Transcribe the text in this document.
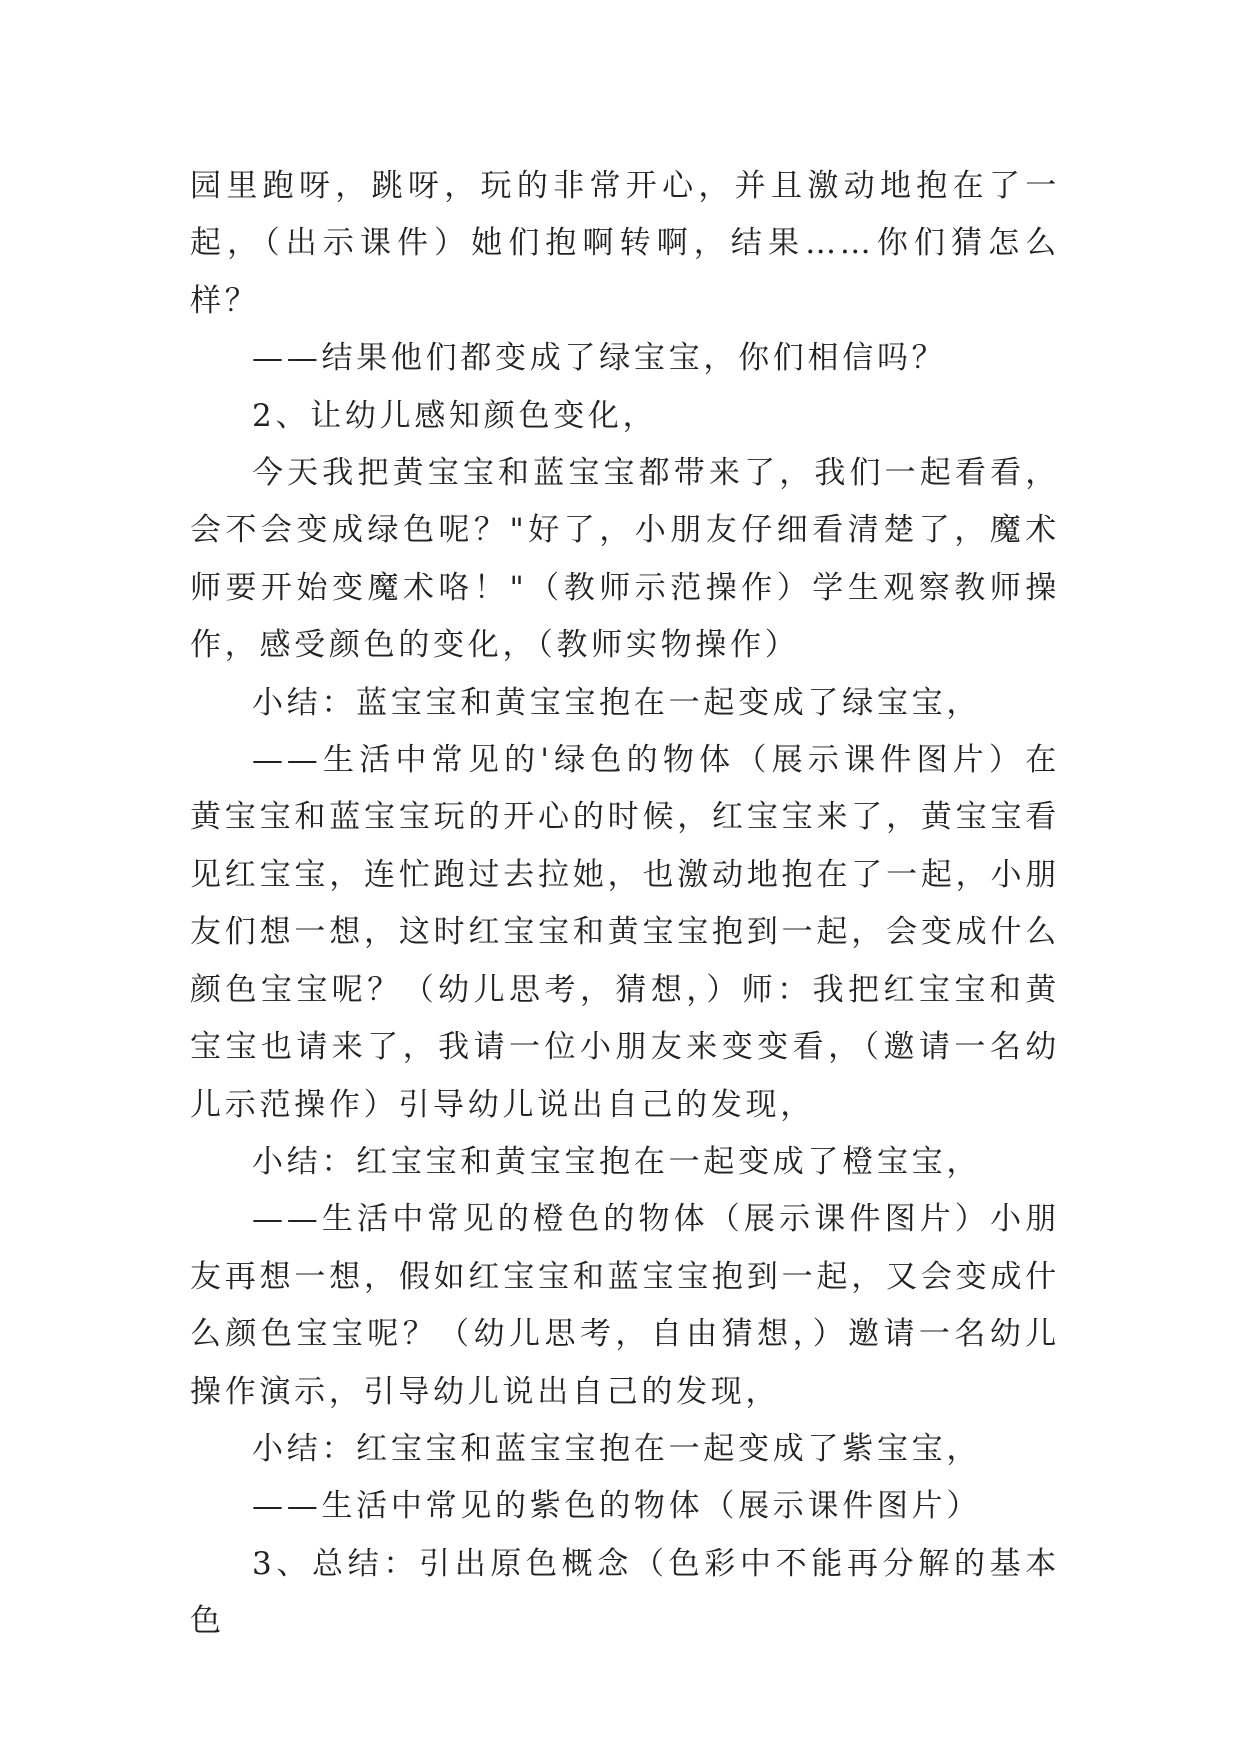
园里跑呀，跳呀，玩的非常开心，并且激动地抱在了一起，（出示课件）她们抱啊转啊，结果……你们猜怎么样？

——结果他们都变成了绿宝宝，你们相信吗？

2、让幼儿感知颜色变化，

今天我把黄宝宝和蓝宝宝都带来了，我们一起看看，会不会变成绿色呢？"好了，小朋友仔细看清楚了，魔术师要开始变魔术咯！"（教师示范操作）学生观察教师操作，感受颜色的变化，（教师实物操作）

小结：蓝宝宝和黄宝宝抱在一起变成了绿宝宝，

——生活中常见的'绿色的物体（展示课件图片）在黄宝宝和蓝宝宝玩的开心的时候，红宝宝来了，黄宝宝看见红宝宝，连忙跑过去拉她，也激动地抱在了一起，小朋友们想一想，这时红宝宝和黄宝宝抱到一起，会变成什么颜色宝宝呢？（幼儿思考，猜想，）师：我把红宝宝和黄宝宝也请来了，我请一位小朋友来变变看，（邀请一名幼儿示范操作）引导幼儿说出自己的发现，

小结：红宝宝和黄宝宝抱在一起变成了橙宝宝，

——生活中常见的橙色的物体（展示课件图片）小朋友再想一想，假如红宝宝和蓝宝宝抱到一起，又会变成什么颜色宝宝呢？（幼儿思考，自由猜想，）邀请一名幼儿操作演示，引导幼儿说出自己的发现，

小结：红宝宝和蓝宝宝抱在一起变成了紫宝宝，

——生活中常见的紫色的物体（展示课件图片）

3、总结：引出原色概念（色彩中不能再分解的基本色
